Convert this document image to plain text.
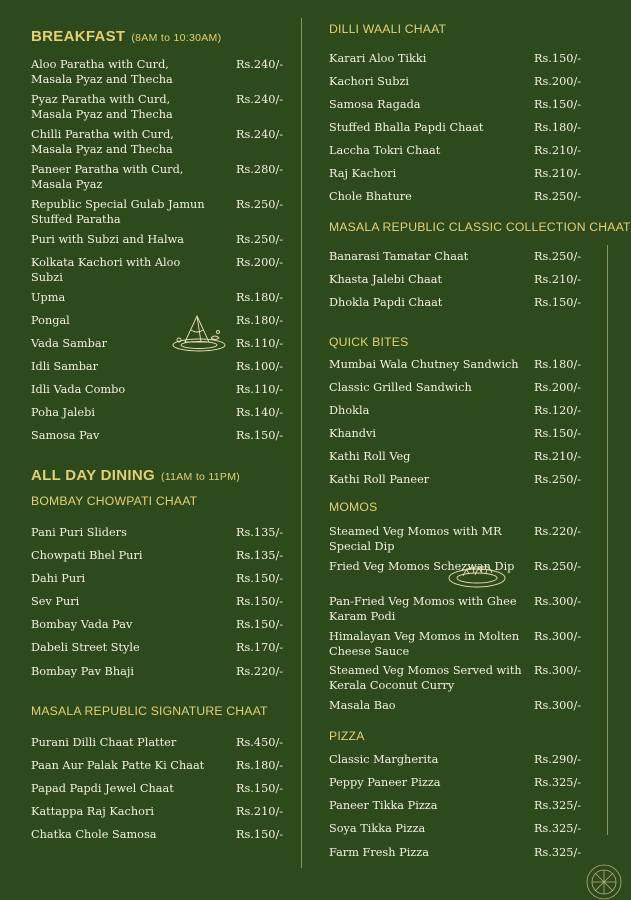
BREAKFAST (8AM to 10:30AM)
Aloo Paratha with Curd, Masala Pyaz and Thecha
Rs.240/-
Pyaz Paratha with Curd, Masala Pyaz and Thecha
Rs.240/-
Chilli Paratha with Curd, Masala Pyaz and Thecha
Rs.240/-
Paneer Paratha with Curd, Masala Pyaz
Rs.280/-
Republic Special Gulab Jamun Stuffed Paratha
Rs.250/-
Puri with Subzi and Halwa	Rs.250/-
Kolkata Kachori with Aloo Subzi
Rs.200/-
Upma	Rs.180/-
Pongal	Rs.180/-
Vada Sambar	Rs.110/-
Idli Sambar	Rs.100/-
Idli Vada Combo	Rs.110/-
Poha Jalebi	Rs.140/-
Samosa Pav	Rs.150/-
ALL DAY DINING (11AM to 11PM)
BOMBAY CHOWPATI CHAAT
Pani Puri Sliders	Rs.135/-
Chowpati Bhel Puri	Rs.135/-
Dahi Puri	Rs.150/-
Sev Puri	Rs.150/-
Bombay Vada Pav	Rs.150/-
Dabeli Street Style	Rs.170/-
Bombay Pav Bhaji	Rs.220/-
MASALA REPUBLIC SIGNATURE CHAAT
Purani Dilli Chaat Platter	Rs.450/-
Paan Aur Palak Patte Ki Chaat	Rs.180/-
Papad Papdi Jewel Chaat	Rs.150/-
Kattappa Raj Kachori	Rs.210/-
Chatka Chole Samosa	Rs.150/-
DILLI WAALI CHAAT
Karari Aloo Tikki	Rs.150/-
Kachori Subzi	Rs.200/-
Samosa Ragada	Rs.150/-
Stuffed Bhalla Papdi Chaat	Rs.180/-
Laccha Tokri Chaat	Rs.210/-
Raj Kachori	Rs.210/-
Chole Bhature	Rs.250/-
MASALA REPUBLIC CLASSIC COLLECTION CHAAT
Banarasi Tamatar Chaat	Rs.250/-
Khasta Jalebi Chaat	Rs.210/-
Dhokla Papdi Chaat	Rs.150/-
QUICK BITES
Mumbai Wala Chutney Sandwich	Rs.180/-
Classic Grilled Sandwich	Rs.200/-
Dhokla	Rs.120/-
Khandvi	Rs.150/-
Kathi Roll Veg	Rs.210/-
Kathi Roll Paneer	Rs.250/-
MOMOS
Steamed Veg Momos with MR Special Dip
Rs.220/-
Fried Veg Momos Schezwan Dip	Rs.250/-
Pan-Fried Veg Momos with Ghee Karam Podi
Rs.300/-
Himalayan Veg Momos in Molten Cheese Sauce
Rs.300/-
Steamed Veg Momos Served with Kerala Coconut Curry
Rs.300/-
Masala Bao	Rs.300/-
PIZZA
Classic Margherita	Rs.290/-
Peppy Paneer Pizza	Rs.325/-
Paneer Tikka Pizza	Rs.325/-
Soya Tikka Pizza	Rs.325/-
Farm Fresh Pizza	Rs.325/-
